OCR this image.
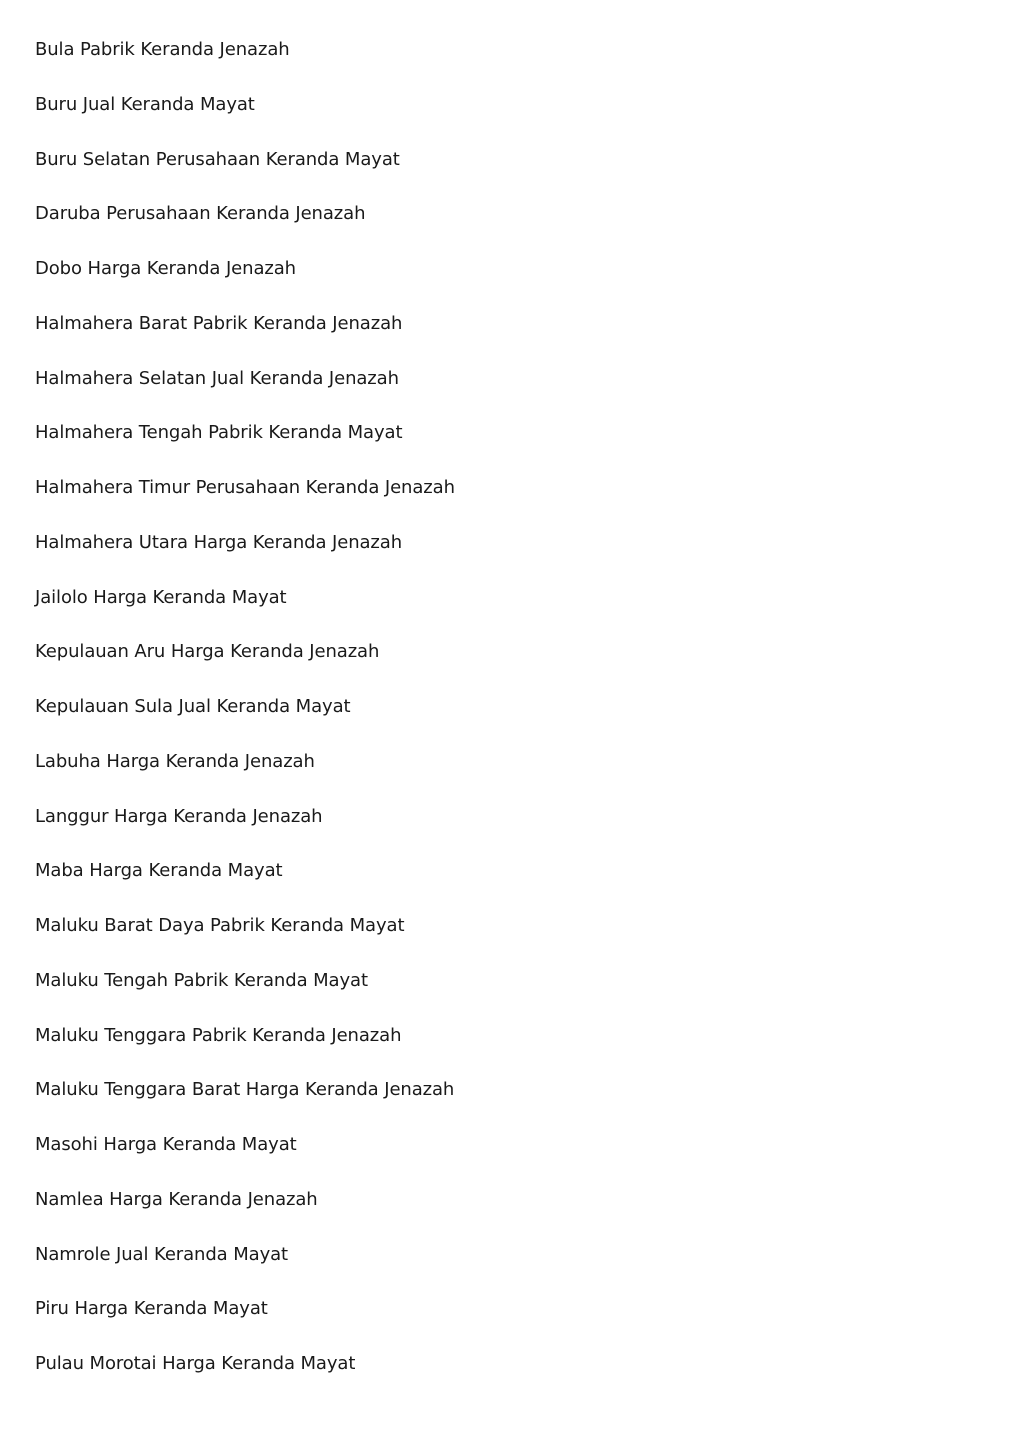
Bula Pabrik Keranda Jenazah
Buru Jual Keranda Mayat
Buru Selatan Perusahaan Keranda Mayat
Daruba Perusahaan Keranda Jenazah
Dobo Harga Keranda Jenazah
Halmahera Barat Pabrik Keranda Jenazah
Halmahera Selatan Jual Keranda Jenazah
Halmahera Tengah Pabrik Keranda Mayat
Halmahera Timur Perusahaan Keranda Jenazah
Halmahera Utara Harga Keranda Jenazah
Jailolo Harga Keranda Mayat
Kepulauan Aru Harga Keranda Jenazah
Kepulauan Sula Jual Keranda Mayat
Labuha Harga Keranda Jenazah
Langgur Harga Keranda Jenazah
Maba Harga Keranda Mayat
Maluku Barat Daya Pabrik Keranda Mayat
Maluku Tengah Pabrik Keranda Mayat
Maluku Tenggara Pabrik Keranda Jenazah
Maluku Tenggara Barat Harga Keranda Jenazah
Masohi Harga Keranda Mayat
Namlea Harga Keranda Jenazah
Namrole Jual Keranda Mayat
Piru Harga Keranda Mayat
Pulau Morotai Harga Keranda Mayat
